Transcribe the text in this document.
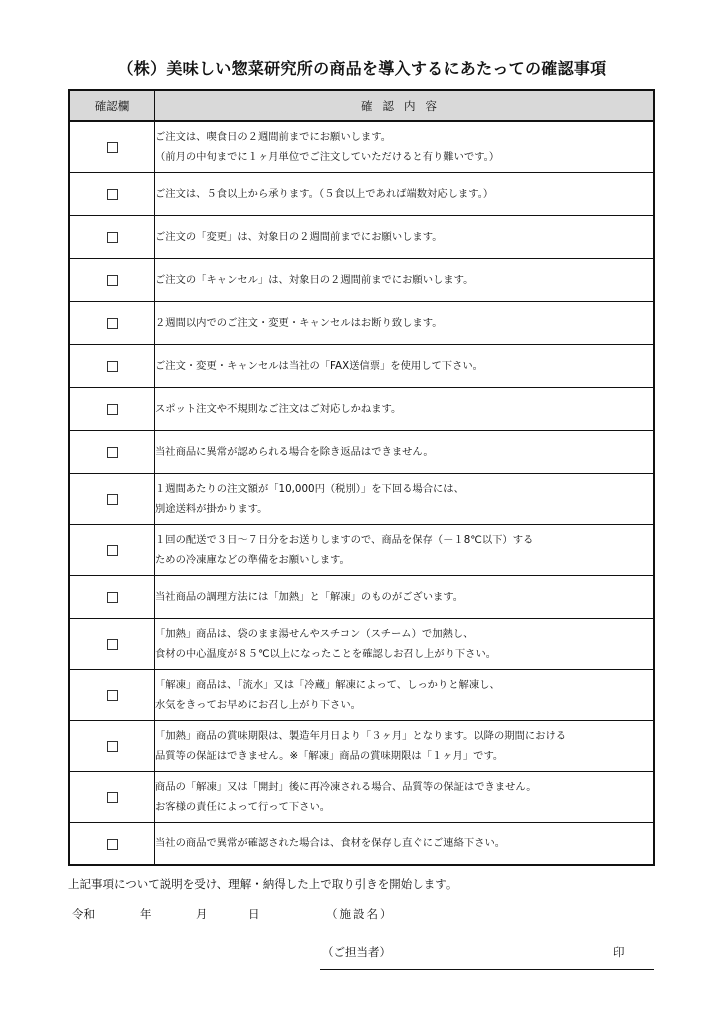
（株）美味しい惣菜研究所の商品を導入するにあたっての確認事項
確認欄	確認内容

	ご注文は、喫食日の２週間前までにお願いします。
（前月の中旬までに１ヶ月単位でご注文していただけると有り難いです。）

	ご注文は、５食以上から承ります。（５食以上であれば端数対応します。）

	ご注文の「変更」は、対象日の２週間前までにお願いします。

	ご注文の「キャンセル」は、対象日の２週間前までにお願いします。

	２週間以内でのご注文・変更・キャンセルはお断り致します。

	ご注文・変更・キャンセルは当社の「FAX送信票」を使用して下さい。

	スポット注文や不規則なご注文はご対応しかねます。

	当社商品に異常が認められる場合を除き返品はできません。

	１週間あたりの注文額が「10,000円（税別）」を下回る場合には、
別途送料が掛かります。

	１回の配送で３日〜７日分をお送りしますので、商品を保存（－１8℃以下）する
ための冷凍庫などの準備をお願いします。

	当社商品の調理方法には「加熱」と「解凍」のものがございます。

	「加熱」商品は、袋のまま湯せんやスチコン（スチーム）で加熱し、
食材の中心温度が８５℃以上になったことを確認しお召し上がり下さい。

	「解凍」商品は、「流水」又は「冷蔵」解凍によって、しっかりと解凍し、
水気をきってお早めにお召し上がり下さい。

	「加熱」商品の賞味期限は、製造年月日より「３ヶ月」となります。以降の期間における
品質等の保証はできません。※「解凍」商品の賞味期限は「１ヶ月」です。

	商品の「解凍」又は「開封」後に再冷凍される場合、品質等の保証はできません。
お客様の責任によって行って下さい。

	当社の商品で異常が確認された場合は、食材を保存し直ぐにご連絡下さい。
上記事項について説明を受け、理解・納得した上で取り引きを開始します。
令和	年	月	日	（施設名）
（ご担当者）	印
